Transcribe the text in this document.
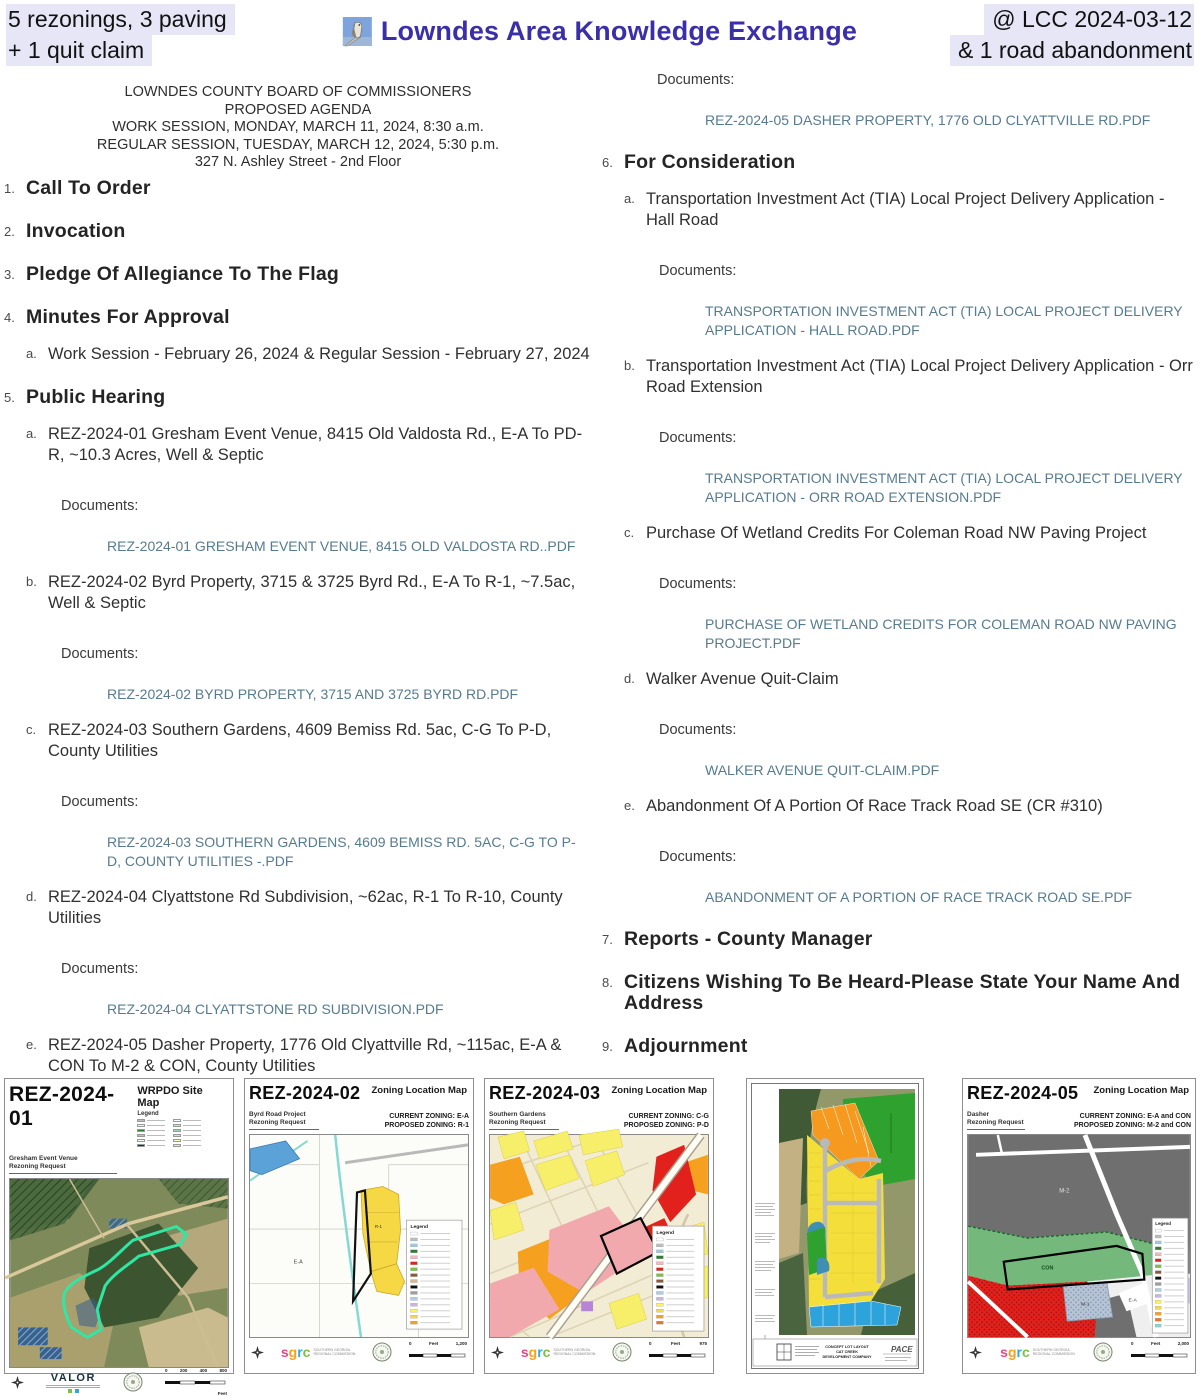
5 rezonings, 3 paving
+ 1 quit claim
Lowndes Area Knowledge Exchange	@ LCC 2024-03-12
& 1 road abandonment
LOWNDES COUNTY BOARD OF COMMISSIONERS
PROPOSED AGENDA
WORK SESSION, MONDAY, MARCH 11, 2024, 8:30 a.m.
REGULAR SESSION, TUESDAY, MARCH 12, 2024, 5:30 p.m.
327 N. Ashley Street - 2nd Floor
1. Call To Order
2. Invocation
3. Pledge Of Allegiance To The Flag
4. Minutes For Approval
a. Work Session - February 26, 2024 & Regular Session - February 27, 2024
5. Public Hearing
a. REZ-2024-01 Gresham Event Venue, 8415 Old Valdosta Rd., E-A To PD-R, ~10.3 Acres, Well & Septic
Documents:
REZ-2024-01 GRESHAM EVENT VENUE, 8415 OLD VALDOSTA RD..PDF
b. REZ-2024-02 Byrd Property, 3715 & 3725 Byrd Rd., E-A To R-1, ~7.5ac, Well & Septic
Documents:
REZ-2024-02 BYRD PROPERTY, 3715 AND 3725 BYRD RD.PDF
c. REZ-2024-03 Southern Gardens, 4609 Bemiss Rd. 5ac, C-G To P-D, County Utilities
Documents:
REZ-2024-03 SOUTHERN GARDENS, 4609 BEMISS RD. 5AC, C-G TO P-D, COUNTY UTILITIES -.PDF
d. REZ-2024-04 Clyattstone Rd Subdivision, ~62ac, R-1 To R-10, County Utilities
Documents:
REZ-2024-04 CLYATTSTONE RD SUBDIVISION.PDF
e. REZ-2024-05 Dasher Property, 1776 Old Clyattville Rd, ~115ac, E-A & CON To M-2 & CON, County Utilities
Documents:
REZ-2024-05 DASHER PROPERTY, 1776 OLD CLYATTVILLE RD.PDF
6. For Consideration
a. Transportation Investment Act (TIA) Local Project Delivery Application - Hall Road
Documents:
TRANSPORTATION INVESTMENT ACT (TIA) LOCAL PROJECT DELIVERY APPLICATION - HALL ROAD.PDF
b. Transportation Investment Act (TIA) Local Project Delivery Application - Orr Road Extension
Documents:
TRANSPORTATION INVESTMENT ACT (TIA) LOCAL PROJECT DELIVERY APPLICATION - ORR ROAD EXTENSION.PDF
c. Purchase Of Wetland Credits For Coleman Road NW Paving Project
Documents:
PURCHASE OF WETLAND CREDITS FOR COLEMAN ROAD NW PAVING PROJECT.PDF
d. Walker Avenue Quit-Claim
Documents:
WALKER AVENUE QUIT-CLAIM.PDF
e. Abandonment Of A Portion Of Race Track Road SE (CR #310)
Documents:
ABANDONMENT OF A PORTION OF RACE TRACK ROAD SE.PDF
7. Reports - County Manager
8. Citizens Wishing To Be Heard-Please State Your Name And Address
9. Adjournment
REZ-2024-01
Gresham Event Venue
Rezoning Request
WRPDO Site Map
Legend
VALOR
0	200	400	800
Feet
REZ-2024-02 Zoning Location Map
Byrd Road Project
Rezoning Request
CURRENT ZONING: E-A
PROPOSED ZONING: R-1
R-1
E-A
Legend
sgrc SOUTHERN GEORGIA
REGIONAL COMMISSION
0	Feet	1,200
REZ-2024-03 Zoning Location Map
Southern Gardens
Rezoning Request
CURRENT ZONING: C-G
PROPOSED ZONING: P-D
Legend
sgrc SOUTHERN GEORGIA
REGIONAL COMMISSION
0	Feet	975
CONCEPT LOT LAYOUT
CAT CREEK
DEVELOPMENT COMPANY
PACE
REZ-2024-05 Zoning Location Map
Dasher
Rezoning Request
CURRENT ZONING: E-A and CON
PROPOSED ZONING: M-2 and CON
M-2
CON
M-1
E-A
Legend
sgrc SOUTHERN GEORGIA
REGIONAL COMMISSION
0	Feet	2,000
